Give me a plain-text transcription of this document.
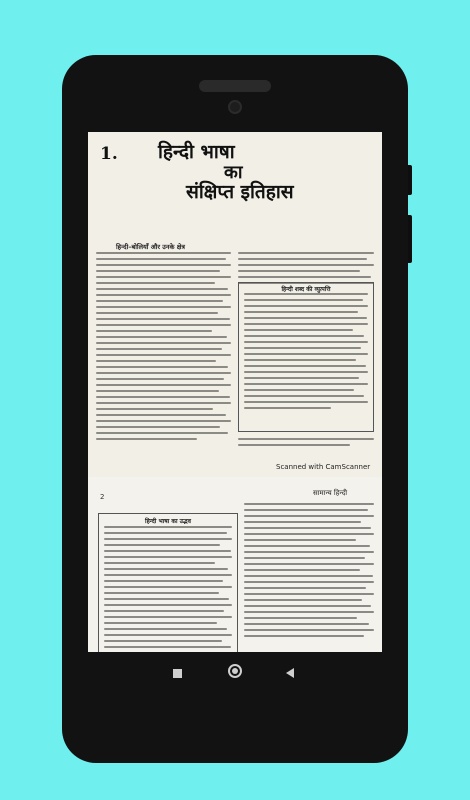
1. हिन्दी भाषा
का
संक्षिप्त इतिहास
हिन्दी–बोलियाँ और उनके क्षेत्र
हिन्दी शब्द की व्युत्पत्ति
Scanned with CamScanner
2	सामान्य हिन्दी
हिन्दी भाषा का उद्भव
